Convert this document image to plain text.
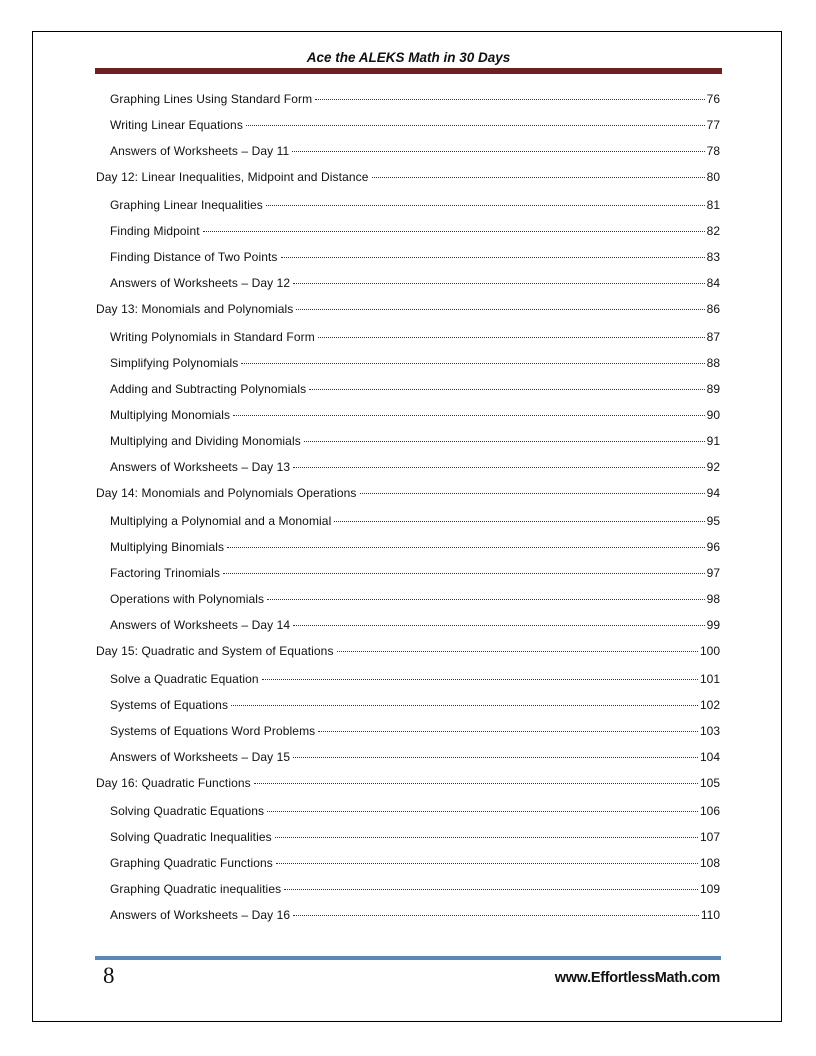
Ace the ALEKS Math in 30 Days
Graphing Lines Using Standard Form	76
Writing Linear Equations	77
Answers of Worksheets – Day 11	78
Day 12: Linear Inequalities, Midpoint and Distance	80
Graphing Linear Inequalities	81
Finding Midpoint	82
Finding Distance of Two Points	83
Answers of Worksheets – Day 12	84
Day 13: Monomials and Polynomials	86
Writing Polynomials in Standard Form	87
Simplifying Polynomials	88
Adding and Subtracting Polynomials	89
Multiplying Monomials	90
Multiplying and Dividing Monomials	91
Answers of Worksheets – Day 13	92
Day 14: Monomials and Polynomials Operations	94
Multiplying a Polynomial and a Monomial	95
Multiplying Binomials	96
Factoring Trinomials	97
Operations with Polynomials	98
Answers of Worksheets – Day 14	99
Day 15: Quadratic and System of Equations	100
Solve a Quadratic Equation	101
Systems of Equations	102
Systems of Equations Word Problems	103
Answers of Worksheets – Day 15	104
Day 16: Quadratic Functions	105
Solving Quadratic Equations	106
Solving Quadratic Inequalities	107
Graphing Quadratic Functions	108
Graphing Quadratic inequalities	109
Answers of Worksheets – Day 16	110
8	www.EffortlessMath.com
